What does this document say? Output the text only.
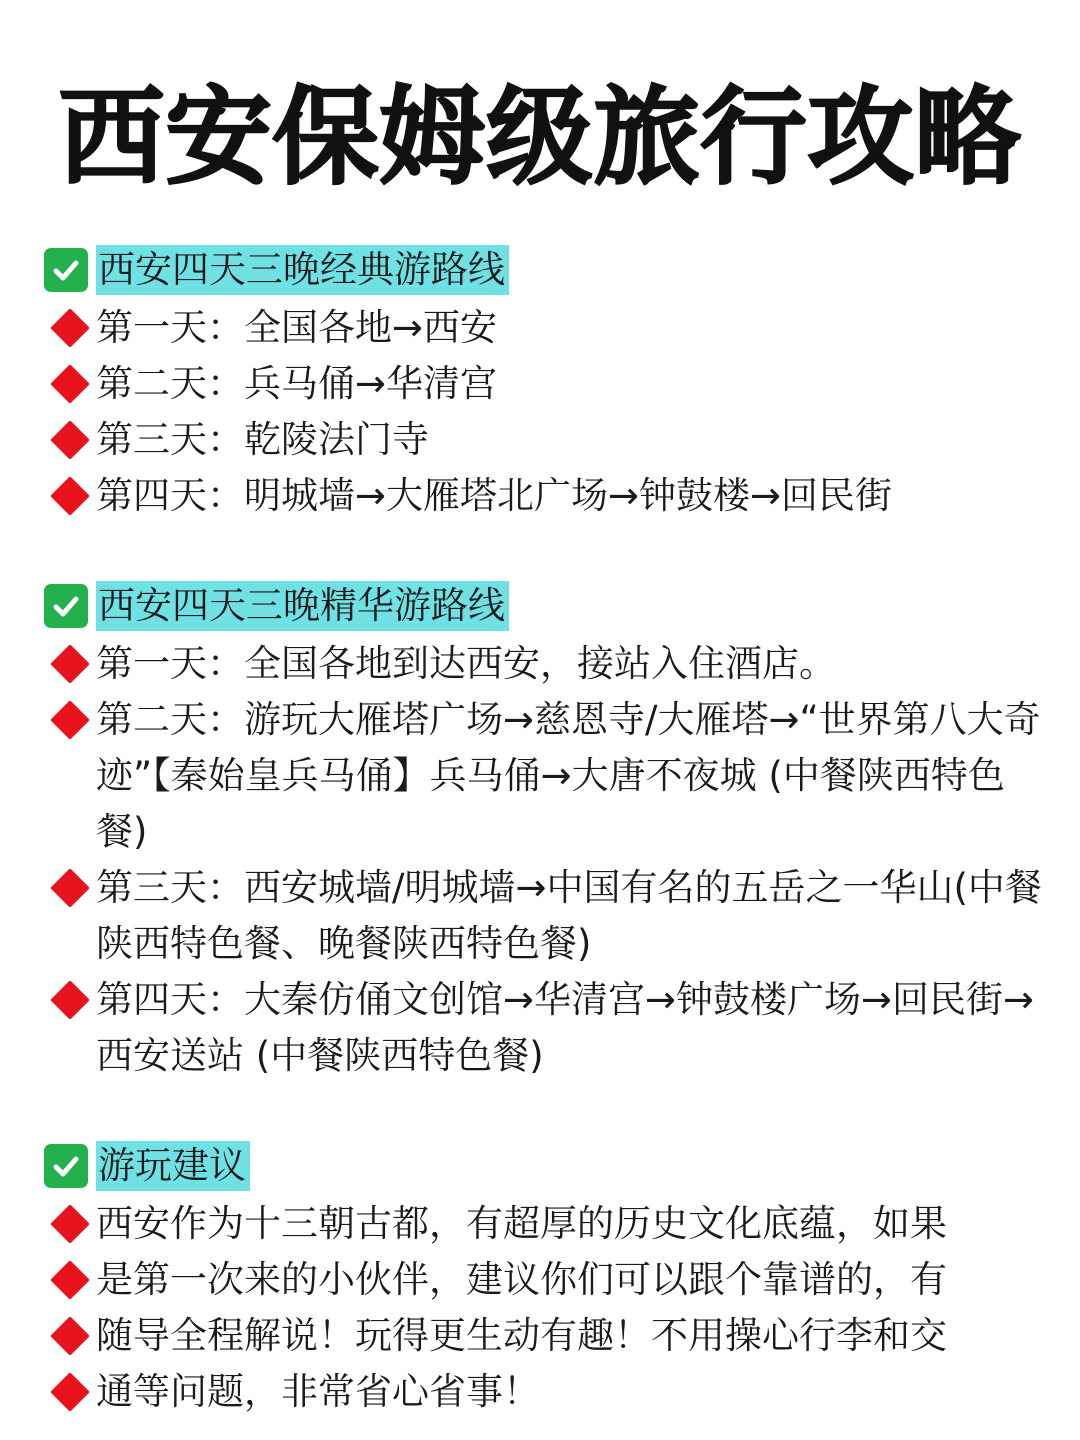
西安保姆级旅行攻略
西安四天三晚经典游路线
第一天：全国各地→西安
第二天：兵马俑→华清宫
第三天：乾陵法门寺
第四天：明城墙→大雁塔北广场→钟鼓楼→回民街
西安四天三晚精华游路线
第一天：全国各地到达西安，接站入住酒店。
第二天：游玩大雁塔广场→慈恩寺/大雁塔→“世界第八大奇迹”【秦始皇兵马俑】兵马俑→大唐不夜城 (中餐陕西特色餐)
第三天：西安城墙/明城墙→中国有名的五岳之一华山(中餐陕西特色餐、晚餐陕西特色餐)
第四天：大秦仿俑文创馆→华清宫→钟鼓楼广场→回民街→西安送站 (中餐陕西特色餐)
游玩建议
西安作为十三朝古都，有超厚的历史文化底蕴，如果
是第一次来的小伙伴，建议你们可以跟个靠谱的，有
随导全程解说！玩得更生动有趣！不用操心行李和交
通等问题，非常省心省事！
